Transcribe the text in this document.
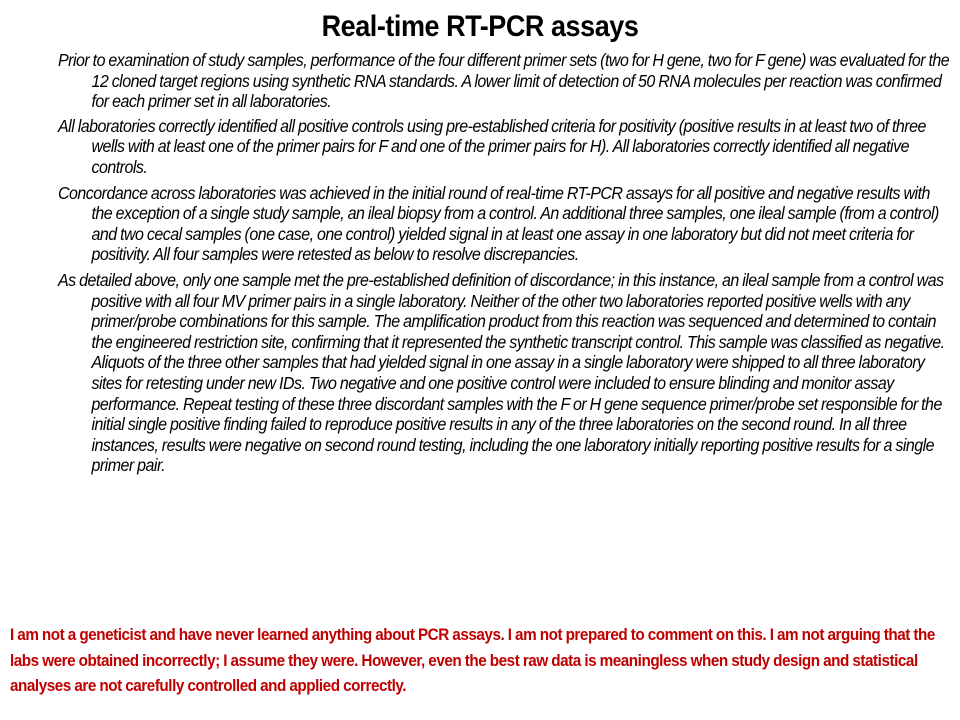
Real-time RT-PCR assays

Prior to examination of study samples, performance of the four different primer sets (two for H gene, two for F gene) was evaluated for the 12 cloned target regions using synthetic RNA standards. A lower limit of detection of 50 RNA molecules per reaction was confirmed for each primer set in all laboratories.

All laboratories correctly identified all positive controls using pre-established criteria for positivity (positive results in at least two of three wells with at least one of the primer pairs for F and one of the primer pairs for H). All laboratories correctly identified all negative controls.

Concordance across laboratories was achieved in the initial round of real-time RT-PCR assays for all positive and negative results with the exception of a single study sample, an ileal biopsy from a control. An additional three samples, one ileal sample (from a control) and two cecal samples (one case, one control) yielded signal in at least one assay in one laboratory but did not meet criteria for positivity. All four samples were retested as below to resolve discrepancies.

As detailed above, only one sample met the pre-established definition of discordance; in this instance, an ileal sample from a control was positive with all four MV primer pairs in a single laboratory. Neither of the other two laboratories reported positive wells with any primer/probe combinations for this sample. The amplification product from this reaction was sequenced and determined to contain the engineered restriction site, confirming that it represented the synthetic transcript control. This sample was classified as negative. Aliquots of the three other samples that had yielded signal in one assay in a single laboratory were shipped to all three laboratory sites for retesting under new IDs. Two negative and one positive control were included to ensure blinding and monitor assay performance. Repeat testing of these three discordant samples with the F or H gene sequence primer/probe set responsible for the initial single positive finding failed to reproduce positive results in any of the three laboratories on the second round. In all three instances, results were negative on second round testing, including the one laboratory initially reporting positive results for a single primer pair.

I am not a geneticist and have never learned anything about PCR assays. I am not prepared to comment on this. I am not arguing that the labs were obtained incorrectly; I assume they were. However, even the best raw data is meaningless when study design and statistical analyses are not carefully controlled and applied correctly.
